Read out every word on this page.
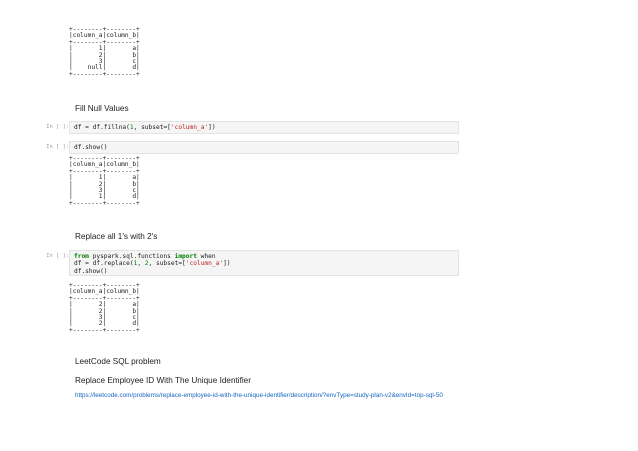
+--------+--------+
|column_a|column_b|
+--------+--------+
|       1|       a|
|       2|       b|
|       3|       c|
|    null|       d|
+--------+--------+
Fill Null Values
In [ ]: df = df.fillna(1, subset=['column_a'])
In [ ]: df.show()
+--------+--------+
|column_a|column_b|
+--------+--------+
|       1|       a|
|       2|       b|
|       3|       c|
|       1|       d|
+--------+--------+
Replace all 1's with 2's
In [ ]: from pyspark.sql.functions import when
df = df.replace(1, 2, subset=['column_a'])
df.show()
+--------+--------+
|column_a|column_b|
+--------+--------+
|       2|       a|
|       2|       b|
|       3|       c|
|       2|       d|
+--------+--------+
LeetCode SQL problem
Replace Employee ID With The Unique Identifier
https://leetcode.com/problems/replace-employee-id-with-the-unique-identifier/description/?envType=study-plan-v2&envId=top-sql-50
